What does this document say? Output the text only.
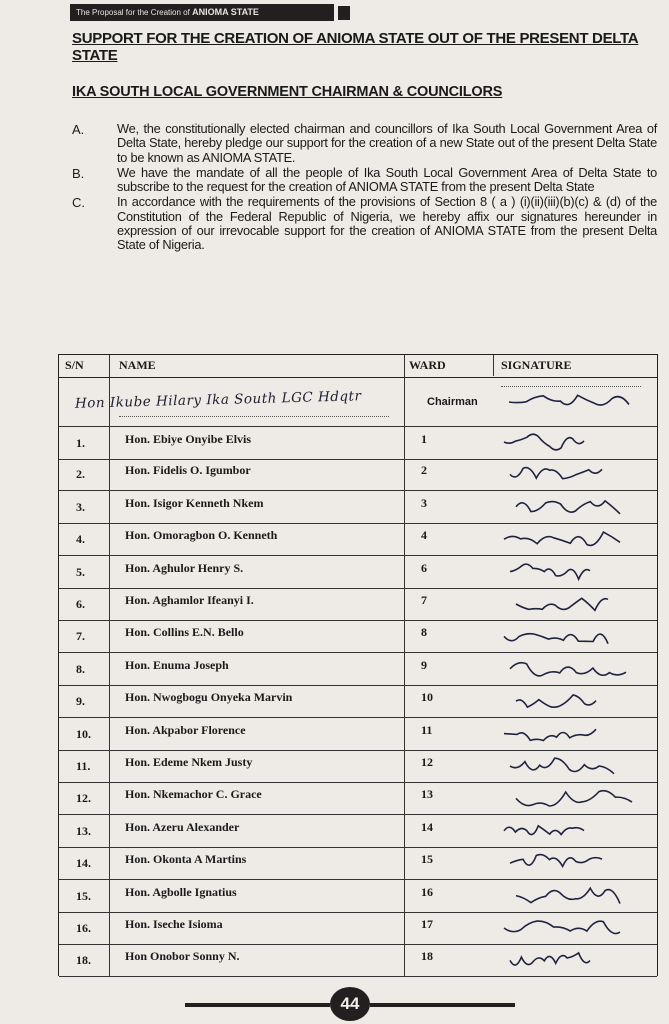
The Proposal for the Creation of ANIOMA STATE
SUPPORT FOR THE CREATION OF ANIOMA STATE OUT OF THE PRESENT DELTA STATE
IKA SOUTH LOCAL GOVERNMENT CHAIRMAN & COUNCILORS
A.	We, the constitutionally elected chairman and councillors of Ika South Local Government Area of Delta State, hereby pledge our support for the creation of a new State out of the present Delta State to be known as ANIOMA STATE.
B.	We have the mandate of all the people of Ika South Local Government Area of Delta State to subscribe to the request for the creation of ANIOMA STATE from the present Delta State
C.	In accordance with the requirements of the provisions of Section 8 ( a ) (i)(ii)(iii)(b)(c) & (d) of the Constitution of the Federal Republic of Nigeria, we hereby affix our signatures hereunder in expression of our irrevocable support for the creation of ANIOMA STATE from the present Delta State of Nigeria.
S/N	NAME	WARD	SIGNATURE
Hon Ikube Hilary Ika South LGC Hdqtr	Chairman
1.	Hon. Ebiye Onyibe Elvis	1
2.	Hon. Fidelis O. Igumbor	2
3.	Hon. Isigor Kenneth Nkem	3
4.	Hon. Omoragbon O. Kenneth	4
5.	Hon. Aghulor Henry S.	6
6.	Hon. Aghamlor Ifeanyi I.	7
7.	Hon. Collins E.N. Bello	8
8.	Hon. Enuma Joseph	9
9.	Hon. Nwogbogu Onyeka Marvin	10
10.	Hon. Akpabor Florence	11
11.	Hon. Edeme Nkem Justy	12
12.	Hon. Nkemachor C. Grace	13
13.	Hon. Azeru Alexander	14
14.	Hon. Okonta A Martins	15
15.	Hon. Agbolle Ignatius	16
16.	Hon. Iseche Isioma	17
18.	Hon Onobor Sonny N.	18
44
